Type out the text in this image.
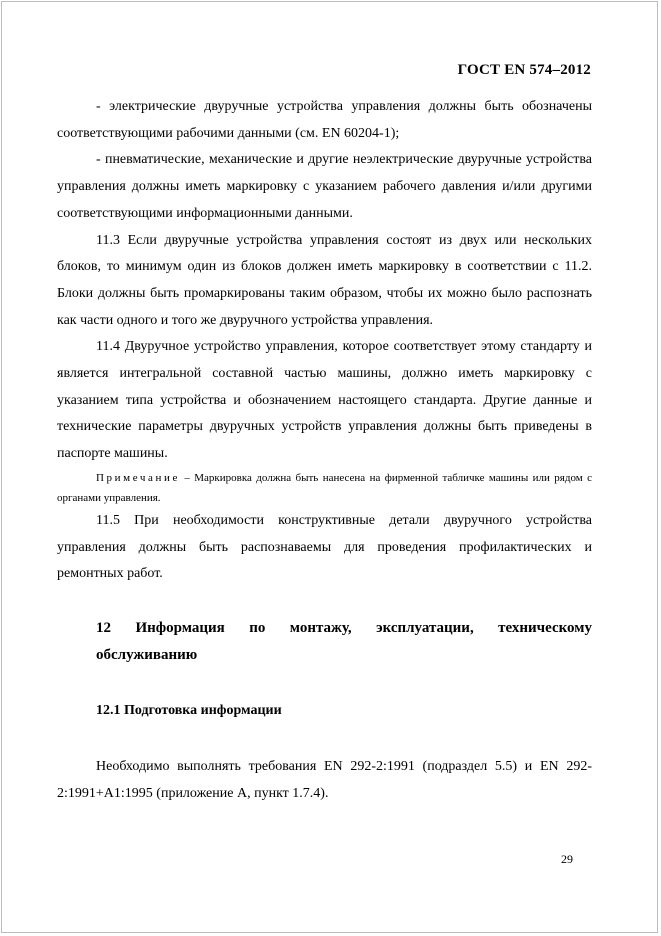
ГОСТ EN 574–2012

- электрические двуручные устройства управления должны быть обозначены соответствующими рабочими данными (см. EN 60204-1);

- пневматические, механические и другие неэлектрические двуручные устройства управления должны иметь маркировку с указанием рабочего давления и/или другими соответствующими информационными данными.

11.3 Если двуручные устройства управления состоят из двух или нескольких блоков, то минимум один из блоков должен иметь маркировку в соответствии с 11.2. Блоки должны быть промаркированы таким образом, чтобы их можно было распознать как части одного и того же двуручного устройства управления.

11.4 Двуручное устройство управления, которое соответствует этому стандарту и является интегральной составной частью машины, должно иметь маркировку с указанием типа устройства и обозначением настоящего стандарта. Другие данные и технические параметры двуручных устройств управления должны быть приведены в паспорте машины.

Примечание – Маркировка должна быть нанесена на фирменной табличке машины или рядом с органами управления.

11.5 При необходимости конструктивные детали двуручного устройства управления должны быть распознаваемы для проведения профилактических и ремонтных работ.

12 Информация по монтажу, эксплуатации, техническому обслуживанию

12.1 Подготовка информации

Необходимо выполнять требования EN 292-2:1991 (подраздел 5.5) и EN 292-2:1991+A1:1995 (приложение А, пункт 1.7.4).

29
